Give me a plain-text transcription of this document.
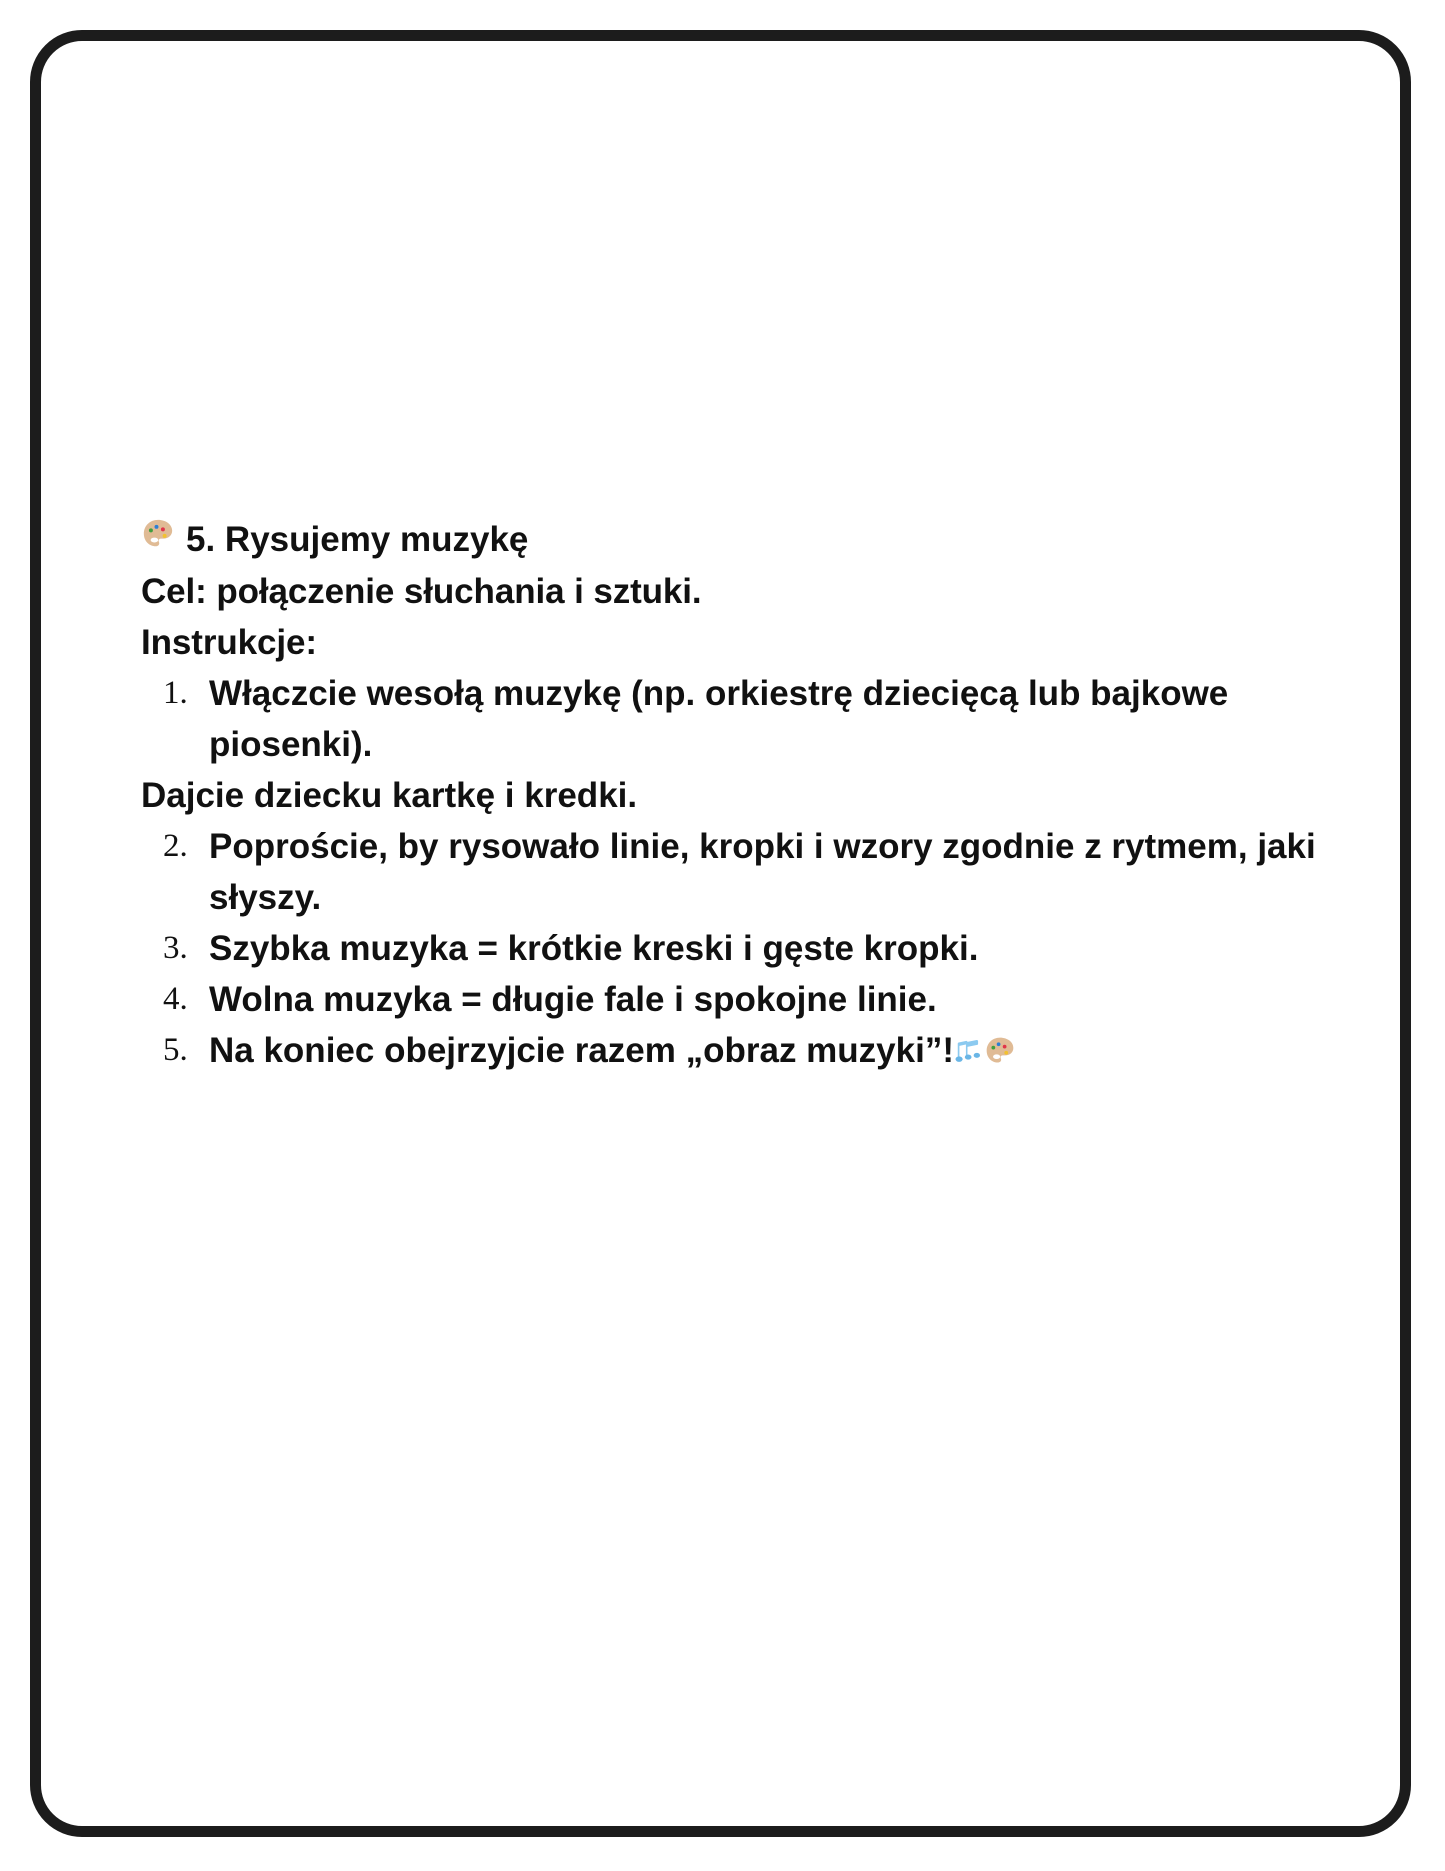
5. Rysujemy muzykę
Cel: połączenie słuchania i sztuki.
Instrukcje:
1. Włączcie wesołą muzykę (np. orkiestrę dziecięcą lub bajkowe piosenki).
Dajcie dziecku kartkę i kredki.
2. Poproście, by rysowało linie, kropki i wzory zgodnie z rytmem, jaki słyszy.
3. Szybka muzyka = krótkie kreski i gęste kropki.
4. Wolna muzyka = długie fale i spokojne linie.
5. Na koniec obejrzyjcie razem „obraz muzyki”!
